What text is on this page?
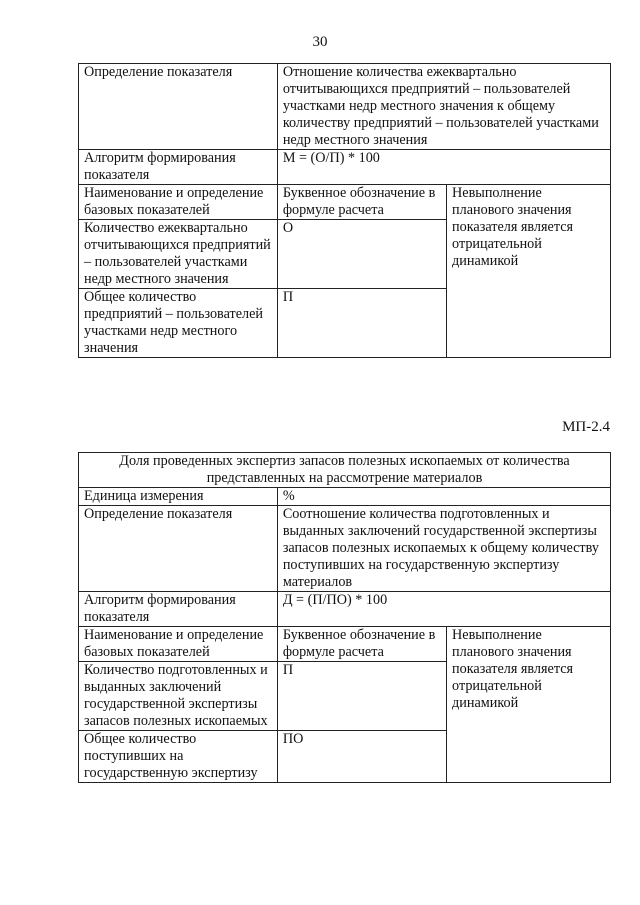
30
Определение показателя	Отношение количества ежеквартально отчитывающихся предприятий – пользователей участками недр местного значения к общему количеству предприятий – пользователей участками недр местного значения	
Алгоритм формирования показателя	М = (О/П) * 100	
Наименование и определение базовых показателей	Буквенное обозначение в формуле расчета	Невыполнение планового значения показателя является отрицательной динамикой
Количество ежеквартально отчитывающихся предприятий – пользователей участками недр местного значения	О	
Общее количество предприятий – пользователей участками недр местного значения	П	
МП-2.4
Доля проведенных экспертиз запасов полезных ископаемых от количества представленных на рассмотрение материалов		
Единица измерения	%	
Определение показателя	Соотношение количества подготовленных и выданных заключений государственной экспертизы запасов полезных ископаемых к общему количеству поступивших на государственную экспертизу материалов	
Алгоритм формирования показателя	Д = (П/ПО) * 100	
Наименование и определение базовых показателей	Буквенное обозначение в формуле расчета	Невыполнение планового значения показателя является отрицательной динамикой
Количество подготовленных и выданных заключений государственной экспертизы запасов полезных ископаемых	П	
Общее количество поступивших на государственную экспертизу	ПО	
